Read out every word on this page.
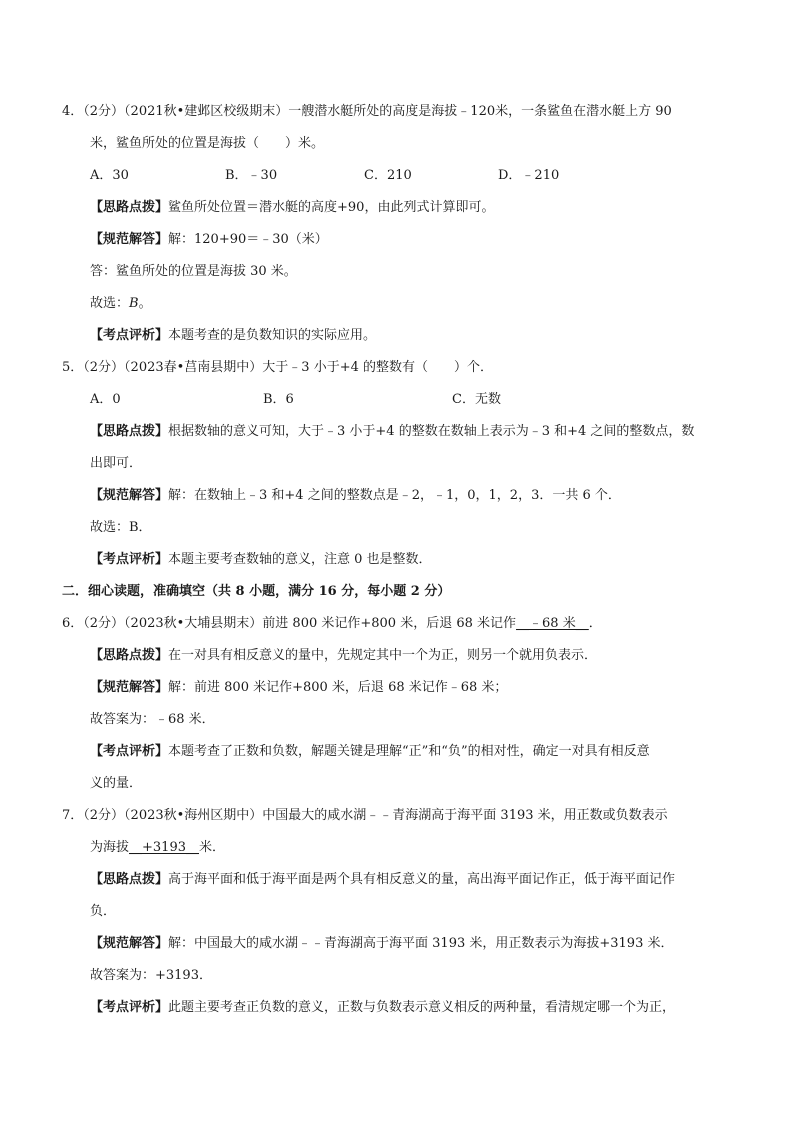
4．（2分）（2021秋•建邺区校级期末）一艘潜水艇所处的高度是海拔﹣120米，一条鲨鱼在潜水艇上方 90
米，鲨鱼所处的位置是海拔（　　）米。
A．30	B．﹣30	C．210	D．﹣210
【思路点拨】鲨鱼所处位置＝潜水艇的高度+90，由此列式计算即可。
【规范解答】解：120+90＝﹣30（米）
答：鲨鱼所处的位置是海拔 30 米。
故选：B。
【考点评析】本题考查的是负数知识的实际应用。
5．（2分）（2023春•莒南县期中）大于﹣3 小于+4 的整数有（　　）个．
A．0	B．6	C．无数
【思路点拨】根据数轴的意义可知，大于﹣3 小于+4 的整数在数轴上表示为﹣3 和+4 之间的整数点，数
出即可．
【规范解答】解：在数轴上﹣3 和+4 之间的整数点是﹣2，﹣1，0，1，2，3．一共 6 个．
故选：B．
【考点评析】本题主要考查数轴的意义，注意 0 也是整数．
二．细心读题，准确填空（共 8 小题，满分 16 分，每小题 2 分）
6．（2分）（2023秋•大埔县期末）前进 800 米记作+800 米，后退 68 米记作__﹣68 米__．
【思路点拨】在一对具有相反意义的量中，先规定其中一个为正，则另一个就用负表示．
【规范解答】解：前进 800 米记作+800 米，后退 68 米记作﹣68 米；
故答案为：﹣68 米．
【考点评析】本题考查了正数和负数，解题关键是理解“正”和“负”的相对性，确定一对具有相反意
义的量．
7．（2分）（2023秋•海州区期中）中国最大的咸水湖﹣﹣青海湖高于海平面 3193 米，用正数或负数表示
为海拔__+3193__米．
【思路点拨】高于海平面和低于海平面是两个具有相反意义的量，高出海平面记作正，低于海平面记作
负．
【规范解答】解：中国最大的咸水湖﹣﹣青海湖高于海平面 3193 米，用正数表示为海拔+3193 米．
故答案为：+3193．
【考点评析】此题主要考查正负数的意义，正数与负数表示意义相反的两种量，看清规定哪一个为正，
